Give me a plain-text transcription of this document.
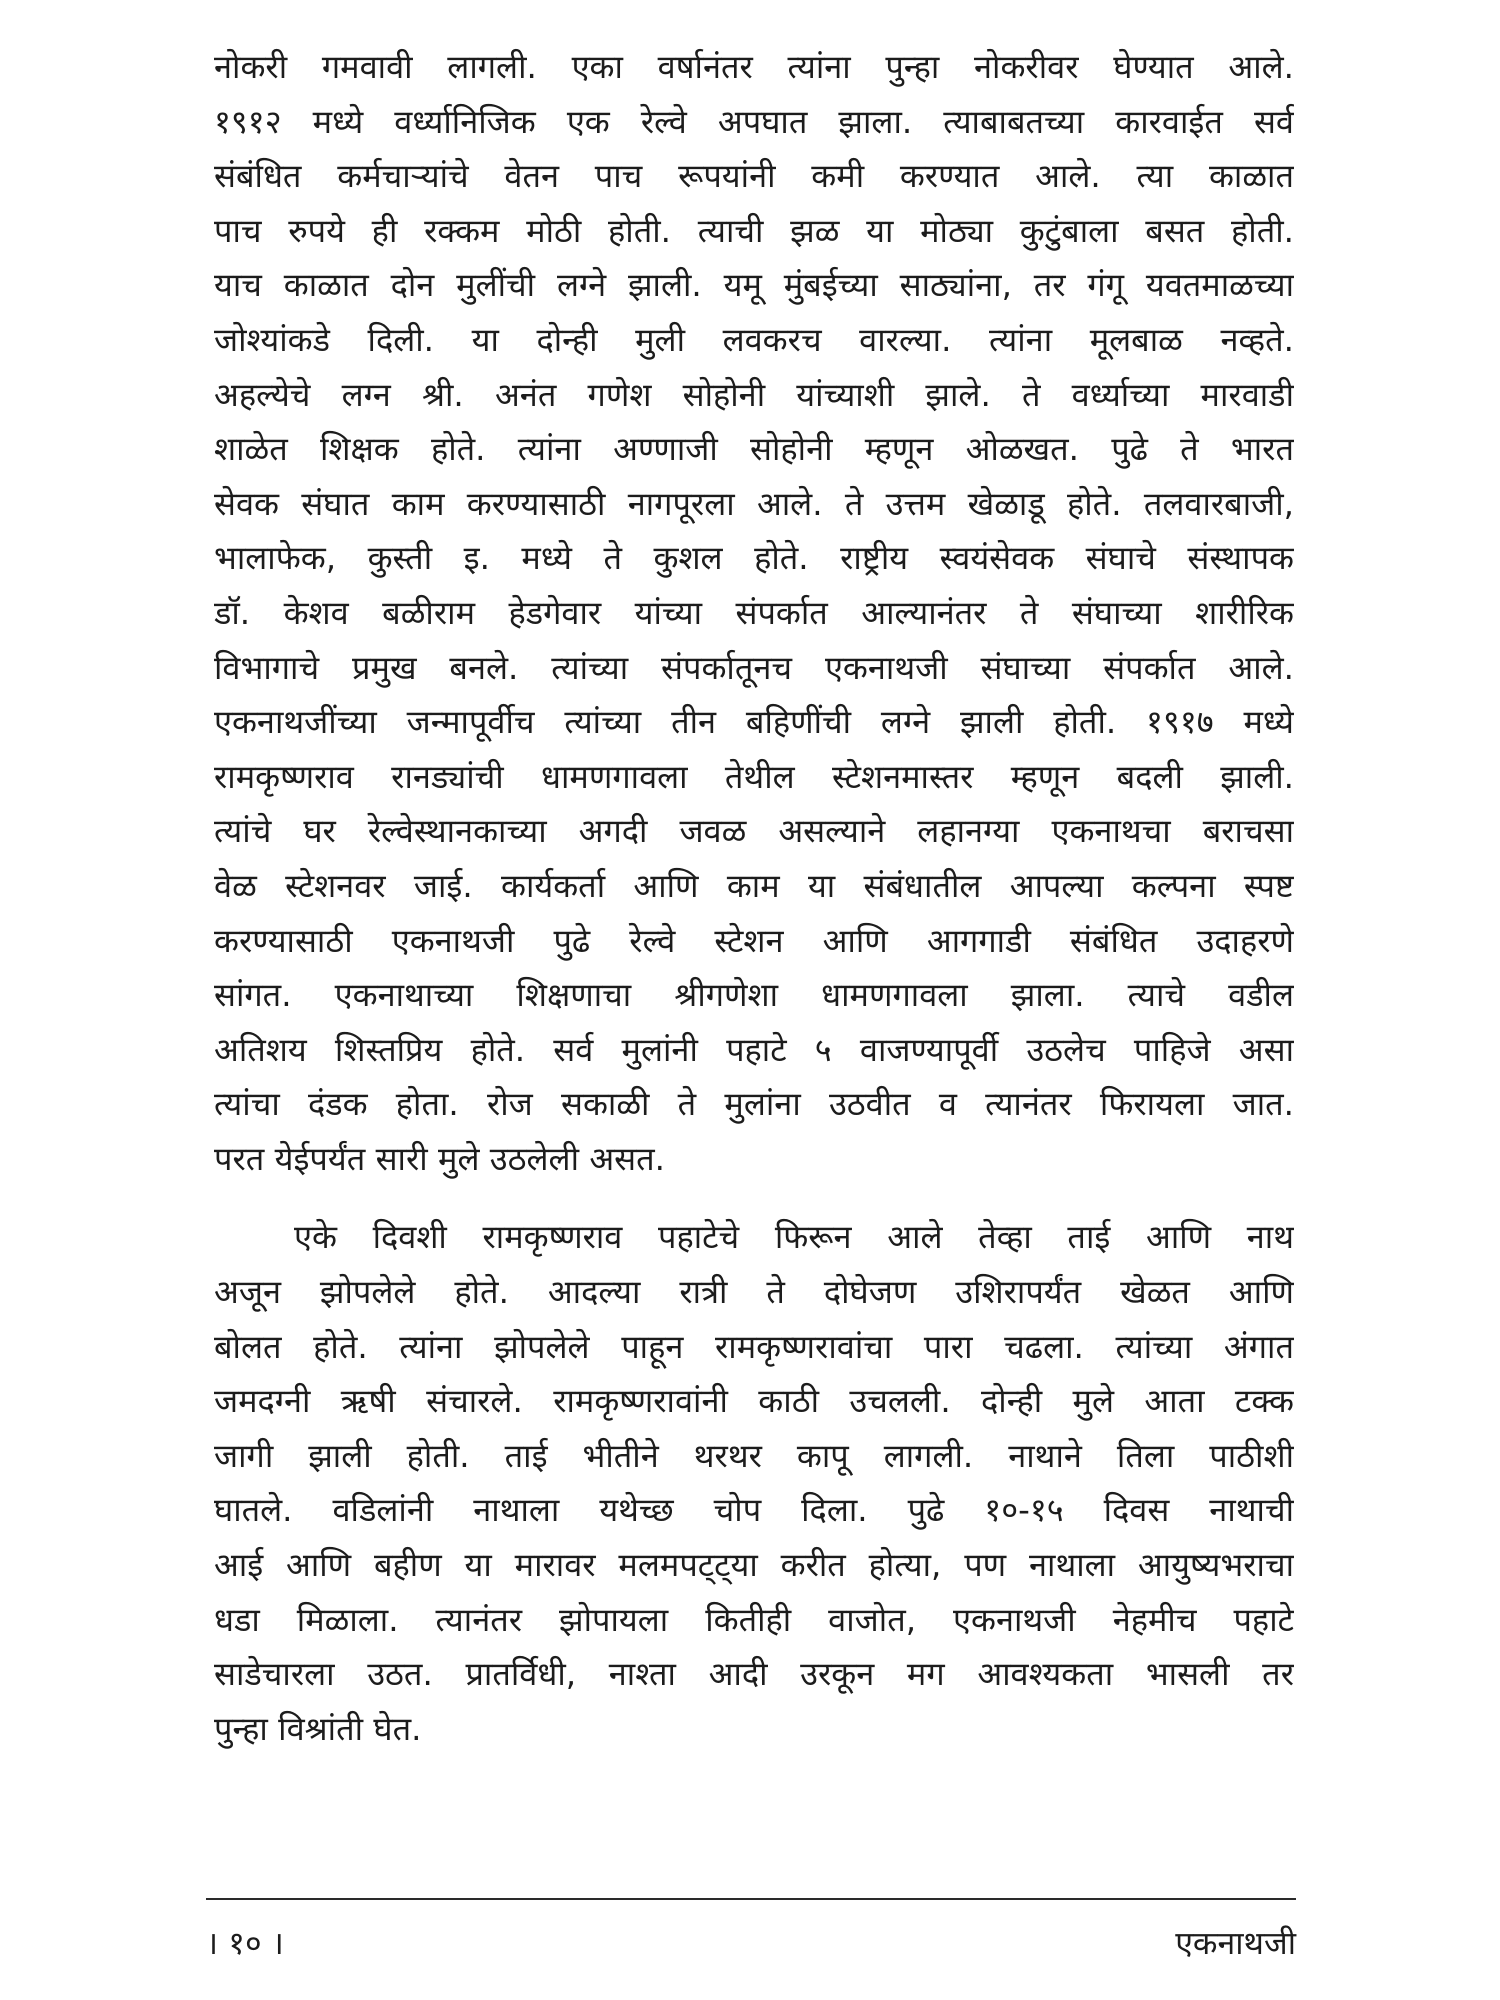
नोकरी गमवावी लागली. एका वर्षानंतर त्यांना पुन्हा नोकरीवर घेण्यात आले.
१९१२ मध्ये वर्ध्यानिजिक एक रेल्वे अपघात झाला. त्याबाबतच्या कारवाईत सर्व
संबंधित कर्मचाऱ्यांचे वेतन पाच रूपयांनी कमी करण्यात आले. त्या काळात
पाच रुपये ही रक्कम मोठी होती. त्याची झळ या मोठ्या कुटुंबाला बसत होती.
याच काळात दोन मुलींची लग्ने झाली. यमू मुंबईच्या साठ्यांना, तर गंगू यवतमाळच्या
जोश्यांकडे दिली. या दोन्ही मुली लवकरच वारल्या. त्यांना मूलबाळ नव्हते.
अहल्येचे लग्न श्री. अनंत गणेश सोहोनी यांच्याशी झाले. ते वर्ध्याच्या मारवाडी
शाळेत शिक्षक होते. त्यांना अण्णाजी सोहोनी म्हणून ओळखत. पुढे ते भारत
सेवक संघात काम करण्यासाठी नागपूरला आले. ते उत्तम खेळाडू होते. तलवारबाजी,
भालाफेक, कुस्ती इ. मध्ये ते कुशल होते. राष्ट्रीय स्वयंसेवक संघाचे संस्थापक
डॉ. केशव बळीराम हेडगेवार यांच्या संपर्कात आल्यानंतर ते संघाच्या शारीरिक
विभागाचे प्रमुख बनले. त्यांच्या संपर्कातूनच एकनाथजी संघाच्या संपर्कात आले.
एकनाथजींच्या जन्मापूर्वीच त्यांच्या तीन बहिणींची लग्ने झाली होती. १९१७ मध्ये
रामकृष्णराव रानड्यांची धामणगावला तेथील स्टेशनमास्तर म्हणून बदली झाली.
त्यांचे घर रेल्वेस्थानकाच्या अगदी जवळ असल्याने लहानग्या एकनाथचा बराचसा
वेळ स्टेशनवर जाई. कार्यकर्ता आणि काम या संबंधातील आपल्या कल्पना स्पष्ट
करण्यासाठी एकनाथजी पुढे रेल्वे स्टेशन आणि आगगाडी संबंधित उदाहरणे
सांगत. एकनाथाच्या शिक्षणाचा श्रीगणेशा धामणगावला झाला. त्याचे वडील
अतिशय शिस्तप्रिय होते. सर्व मुलांनी पहाटे ५ वाजण्यापूर्वी उठलेच पाहिजे असा
त्यांचा दंडक होता. रोज सकाळी ते मुलांना उठवीत व त्यानंतर फिरायला जात.
परत येईपर्यंत सारी मुले उठलेली असत.
एके दिवशी रामकृष्णराव पहाटेचे फिरून आले तेव्हा ताई आणि नाथ
अजून झोपलेले होते. आदल्या रात्री ते दोघेजण उशिरापर्यंत खेळत आणि
बोलत होते. त्यांना झोपलेले पाहून रामकृष्णरावांचा पारा चढला. त्यांच्या अंगात
जमदग्नी ऋषी संचारले. रामकृष्णरावांनी काठी उचलली. दोन्ही मुले आता टक्क
जागी झाली होती. ताई भीतीने थरथर कापू लागली. नाथाने तिला पाठीशी
घातले. वडिलांनी नाथाला यथेच्छ चोप दिला. पुढे १०-१५ दिवस नाथाची
आई आणि बहीण या मारावर मलमपट्ट्या करीत होत्या, पण नाथाला आयुष्यभराचा
धडा मिळाला. त्यानंतर झोपायला कितीही वाजोत, एकनाथजी नेहमीच पहाटे
साडेचारला उठत. प्रातर्विधी, नाश्ता आदी उरकून मग आवश्यकता भासली तर
पुन्हा विश्रांती घेत.
। १० ।	एकनाथजी
